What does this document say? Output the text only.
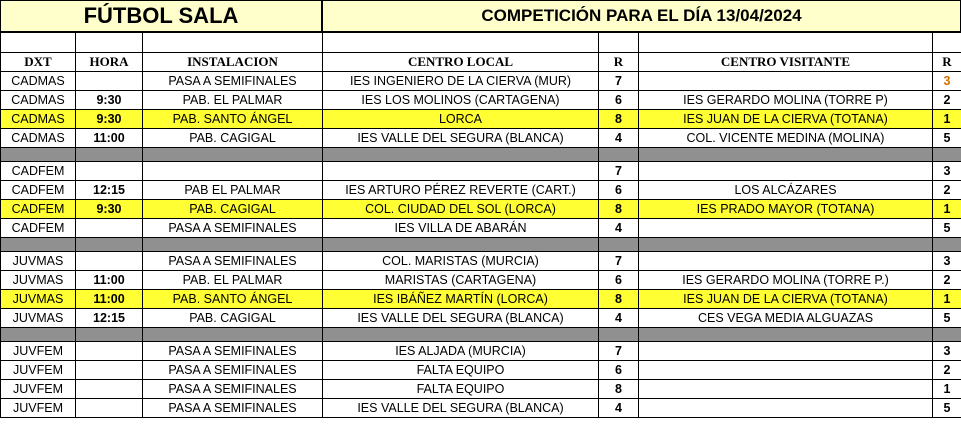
FÚTBOL SALA	COMPETICIÓN PARA EL DÍA 13/04/2024

DXT	HORA	INSTALACION	CENTRO LOCAL	R	CENTRO VISITANTE	R
CADMAS		PASA A SEMIFINALES	IES INGENIERO DE LA CIERVA (MUR)	7		3
CADMAS	9:30	PAB. EL PALMAR	IES LOS MOLINOS (CARTAGENA)	6	IES GERARDO MOLINA (TORRE P)	2
CADMAS	9:30	PAB. SANTO ÁNGEL	LORCA	8	IES JUAN DE LA CIERVA (TOTANA)	1
CADMAS	11:00	PAB. CAGIGAL	IES VALLE DEL SEGURA (BLANCA)	4	COL. VICENTE MEDINA (MOLINA)	5

CADFEM				7		3
CADFEM	12:15	PAB EL PALMAR	IES ARTURO PÉREZ REVERTE (CART.)	6	LOS ALCÁZARES	2
CADFEM	9:30	PAB. CAGIGAL	COL. CIUDAD DEL SOL (LORCA)	8	IES PRADO MAYOR (TOTANA)	1
CADFEM		PASA A SEMIFINALES	IES VILLA DE ABARÁN	4		5

JUVMAS		PASA A SEMIFINALES	COL. MARISTAS (MURCIA)	7		3
JUVMAS	11:00	PAB. EL PALMAR	MARISTAS (CARTAGENA)	6	IES GERARDO MOLINA (TORRE P.)	2
JUVMAS	11:00	PAB. SANTO ÁNGEL	IES IBÁÑEZ MARTÍN (LORCA)	8	IES JUAN DE LA CIERVA (TOTANA)	1
JUVMAS	12:15	PAB. CAGIGAL	IES VALLE DEL SEGURA (BLANCA)	4	CES VEGA MEDIA ALGUAZAS	5

JUVFEM		PASA A SEMIFINALES	IES ALJADA (MURCIA)	7		3
JUVFEM		PASA A SEMIFINALES	FALTA EQUIPO	6		2
JUVFEM		PASA A SEMIFINALES	FALTA EQUIPO	8		1
JUVFEM		PASA A SEMIFINALES	IES VALLE DEL SEGURA (BLANCA)	4		5
